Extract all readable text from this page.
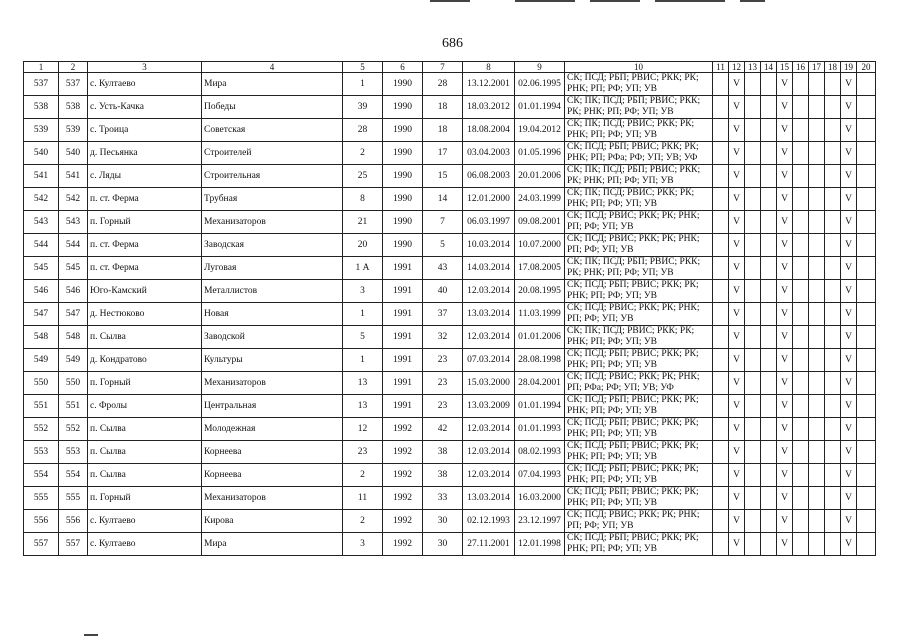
686
1	2	3	4	5	6	7	8	9	10	11	12	13	14	15	16	17	18	19	20
537	537	с. Култаево	Мира	1	1990	28	13.12.2001	02.06.1995	СК; ПСД; РБП; РВИС; РКК; РК; РНК; РП; РФ; УП; УВ		V			V				V	
538	538	с. Усть-Качка	Победы	39	1990	18	18.03.2012	01.01.1994	СК; ПК; ПСД; РБП; РВИС; РКК; РК; РНК; РП; РФ; УП; УВ		V			V				V	
539	539	с. Троица	Советская	28	1990	18	18.08.2004	19.04.2012	СК; ПК; ПСД; РВИС; РКК; РК; РНК; РП; РФ; УП; УВ		V			V				V	
540	540	д. Песьянка	Строителей	2	1990	17	03.04.2003	01.05.1996	СК; ПСД; РБП; РВИС; РКК; РК; РНК; РП; РФа; РФ; УП; УВ; УФ		V			V				V	
541	541	с. Ляды	Строительная	25	1990	15	06.08.2003	20.01.2006	СК; ПК; ПСД; РБП; РВИС; РКК; РК; РНК; РП; РФ; УП; УВ		V			V				V	
542	542	п. ст. Ферма	Трубная	8	1990	14	12.01.2000	24.03.1999	СК; ПК; ПСД; РВИС; РКК; РК; РНК; РП; РФ; УП; УВ		V			V				V	
543	543	п. Горный	Механизаторов	21	1990	7	06.03.1997	09.08.2001	СК; ПСД; РВИС; РКК; РК; РНК; РП; РФ; УП; УВ		V			V				V	
544	544	п. ст. Ферма	Заводская	20	1990	5	10.03.2014	10.07.2000	СК; ПСД; РВИС; РКК; РК; РНК; РП; РФ; УП; УВ		V			V				V	
545	545	п. ст. Ферма	Луговая	1 А	1991	43	14.03.2014	17.08.2005	СК; ПК; ПСД; РБП; РВИС; РКК; РК; РНК; РП; РФ; УП; УВ		V			V				V	
546	546	Юго-Камский	Металлистов	3	1991	40	12.03.2014	20.08.1995	СК; ПСД; РБП; РВИС; РКК; РК; РНК; РП; РФ; УП; УВ		V			V				V	
547	547	д. Нестюково	Новая	1	1991	37	13.03.2014	11.03.1999	СК; ПСД; РВИС; РКК; РК; РНК; РП; РФ; УП; УВ		V			V				V	
548	548	п. Сылва	Заводской	5	1991	32	12.03.2014	01.01.2006	СК; ПК; ПСД; РВИС; РКК; РК; РНК; РП; РФ; УП; УВ		V			V				V	
549	549	д. Кондратово	Культуры	1	1991	23	07.03.2014	28.08.1998	СК; ПСД; РБП; РВИС; РКК; РК; РНК; РП; РФ; УП; УВ		V			V				V	
550	550	п. Горный	Механизаторов	13	1991	23	15.03.2000	28.04.2001	СК; ПСД; РВИС; РКК; РК; РНК; РП; РФа; РФ; УП; УВ; УФ		V			V				V	
551	551	с. Фролы	Центральная	13	1991	23	13.03.2009	01.01.1994	СК; ПСД; РБП; РВИС; РКК; РК; РНК; РП; РФ; УП; УВ		V			V				V	
552	552	п. Сылва	Молодежная	12	1992	42	12.03.2014	01.01.1993	СК; ПСД; РБП; РВИС; РКК; РК; РНК; РП; РФ; УП; УВ		V			V				V	
553	553	п. Сылва	Корнеева	23	1992	38	12.03.2014	08.02.1993	СК; ПСД; РБП; РВИС; РКК; РК; РНК; РП; РФ; УП; УВ		V			V				V	
554	554	п. Сылва	Корнеева	2	1992	38	12.03.2014	07.04.1993	СК; ПСД; РБП; РВИС; РКК; РК; РНК; РП; РФ; УП; УВ		V			V				V	
555	555	п. Горный	Механизаторов	11	1992	33	13.03.2014	16.03.2000	СК; ПСД; РБП; РВИС; РКК; РК; РНК; РП; РФ; УП; УВ		V			V				V	
556	556	с. Култаево	Кирова	2	1992	30	02.12.1993	23.12.1997	СК; ПСД; РВИС; РКК; РК; РНК; РП; РФ; УП; УВ		V			V				V	
557	557	с. Култаево	Мира	3	1992	30	27.11.2001	12.01.1998	СК; ПСД; РБП; РВИС; РКК; РК; РНК; РП; РФ; УП; УВ		V			V				V	
